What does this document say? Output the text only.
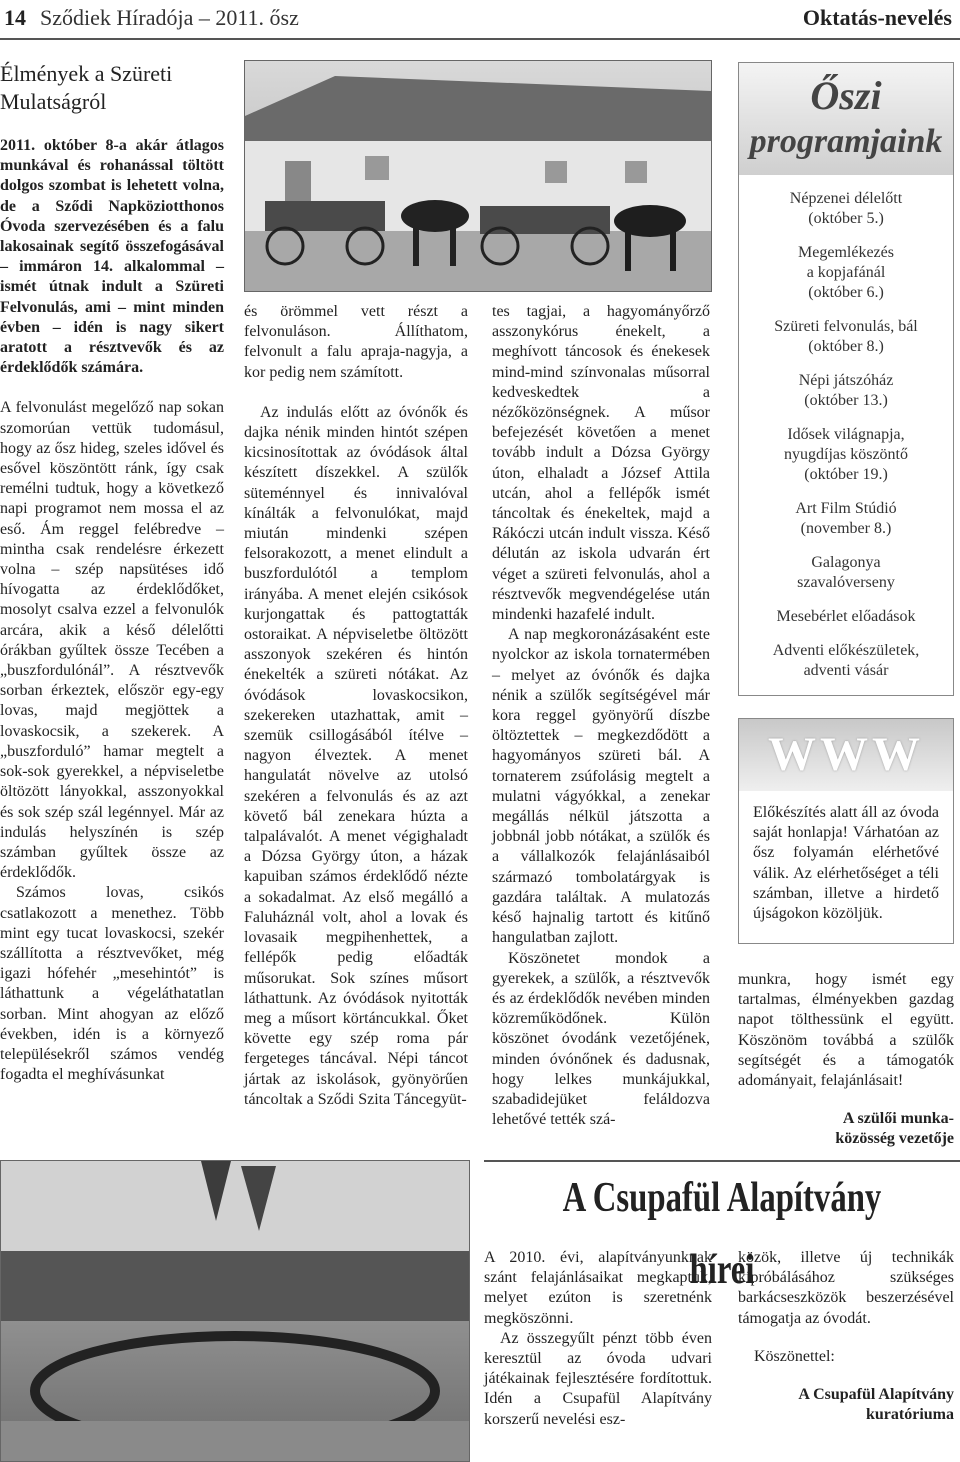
14 Sződiek Híradója – 2011. ősz	Oktatás-nevelés

Élmények a Szüreti

Mulatságról

2011. október 8-a akár átlagos munkával és rohanással töltött dolgos szombat is lehetett volna, de a Sződi Napköziotthonos Óvoda szervezésében és a falu lakosainak segítő összefogásával – immáron 14. alkalommal – ismét útnak indult a Szüreti Felvonulás, ami – mint minden évben – idén is nagy sikert aratott a résztvevők és az érdeklődők számára.

A felvonulást megelőző nap sokan szomorúan vettük tudomásul, hogy az ősz hideg, szeles idővel és esővel köszöntött ránk, így csak remélni tudtuk, hogy a következő napi programot nem mossa el az eső. Ám reggel felébredve – mintha csak rendelésre érkezett volna – szép napsütéses idő hívogatta az érdeklődőket, mosolyt csalva ezzel a felvonulók arcára, akik a késő délelőtti órákban gyűltek össze Tecében a „buszfordulónál”. A résztvevők sorban érkeztek, először egy-egy lovas, majd megjöttek a lovaskocsik, a szekerek. A „buszforduló” hamar megtelt a sok-sok gyerekkel, a népviseletbe öltözött lányokkal, asszonyokkal és sok szép szál legénnyel. Már az indulás helyszínén is szép számban gyűltek össze az érdeklődők.

Számos lovas, csikós csatlakozott a menethez. Több mint egy tucat lovaskocsi, szekér szállította a résztvevőket, még igazi hófehér „mesehintót” is láthattunk a végeláthatatlan sorban. Mint ahogyan az előző években, idén is a környező településekről számos vendég fogadta el meghívásunkat

és örömmel vett részt a felvonuláson. Állíthatom, felvonult a falu apraja-nagyja, a kor pedig nem számított.

Az indulás előtt az óvónők és dajka nénik minden hintót szépen kicsinosítottak az óvódások által készített díszekkel. A szülők süteménnyel és innivalóval kínálták a felvonulókat, majd miután mindenki szépen felsorakozott, a menet elindult a buszfordulótól a templom irányába. A menet elején csikósok kurjongattak és pattogtatták ostoraikat. A népviseletbe öltözött asszonyok szekéren és hintón énekelték a szüreti nótákat. Az óvódások lovaskocsikon, szekereken utazhattak, amit – szemük csillogásából ítélve – nagyon élveztek. A menet hangulatát növelve az utolsó szekéren a felvonulás és az azt követő bál zenekara húzta a talpalávalót. A menet végighaladt a Dózsa György úton, a házak kapuiban számos érdeklődő nézte a sokadalmat. Az első megálló a Faluháznál volt, ahol a lovak és lovasaik megpihenhettek, a fellépők pedig előadták műsorukat. Sok színes műsort láthattunk. Az óvódások nyitották meg a műsort körtáncukkal. Őket követte egy szép roma pár fergeteges táncával. Népi táncot jártak az iskolások, gyönyörűen táncoltak a Sződi Szita Táncegyüt-

tes tagjai, a hagyományőrző asszonykórus énekelt, a meghívott táncosok és énekesek mind-mind színvonalas műsorral kedveskedtek a nézőközönségnek. A műsor befejezését követően a menet tovább indult a Dózsa György úton, elhaladt a József Attila utcán, ahol a fellépők ismét táncoltak és énekeltek, majd a Rákóczi utcán indult vissza. Késő délután az iskola udvarán ért véget a szüreti felvonulás, ahol a résztvevők megvendégelése után mindenki hazafelé indult.

A nap megkoronázásaként este nyolckor az iskola tornatermében – melyet az óvónők és dajka nénik a szülők segítségével már kora reggel gyönyörű díszbe öltöztettek – megkezdődött a hagyományos szüreti bál. A tornaterem zsúfolásig megtelt a mulatni vágyókkal, a zenekar megállás nélkül játszotta a jobbnál jobb nótákat, a szülők és a vállalkozók felajánlásaiból származó tombolatárgyak is gazdára találtak. A mulatozás késő hajnalig tartott és kitűnő hangulatban zajlott.

Köszönetet mondok a gyerekek, a szülők, a résztvevők és az érdeklődők nevében minden közreműködőnek. Külön köszönet óvodánk vezetőjének, minden óvónőnek és dadusnak, hogy lelkes munkájukkal, szabadidejüket feláldozva lehetővé tették szá-

Őszi
programjaink
Népzenei délelőtt
(október 5.)
Megemlékezés
a kopjafánál
(október 6.)
Szüreti felvonulás, bál
(október 8.)
Népi játszóház
(október 13.)
Idősek világnapja,
nyugdíjas köszöntő
(október 19.)
Art Film Stúdió
(november 8.)
Galagonya
szavalóverseny
Mesebérlet előadások
Adventi előkészületek,
adventi vásár
WWW
Előkészítés alatt áll az óvoda saját honlapja! Várhatóan az ősz folyamán elérhetővé válik. Az elérhetőséget a téli számban, illetve a hirdető újságokon közöljük.

munkra, hogy ismét egy tartalmas, élményekben gazdag napot tölthessünk el együtt. Köszönöm továbbá a szülők segítségét és a támogatók adományait, felajánlásait!

A szülői munka-
közösség vezetője
A Csupafül Alapítvány hírei

A 2010. évi, alapítványunknak szánt felajánlásaikat megkaptuk, melyet ezúton is szeretnénk megköszönni.

Az összegyűlt pénzt több éven keresztül az óvoda udvari játékainak fejlesztésére fordítottuk. Idén a Csupafül Alapítvány korszerű nevelési esz-

közök, illetve új technikák kipróbálásához szükséges barkácseszközök beszerzésével támogatja az óvodát.

Köszönettel:

A Csupafül Alapítvány
kuratóriuma
